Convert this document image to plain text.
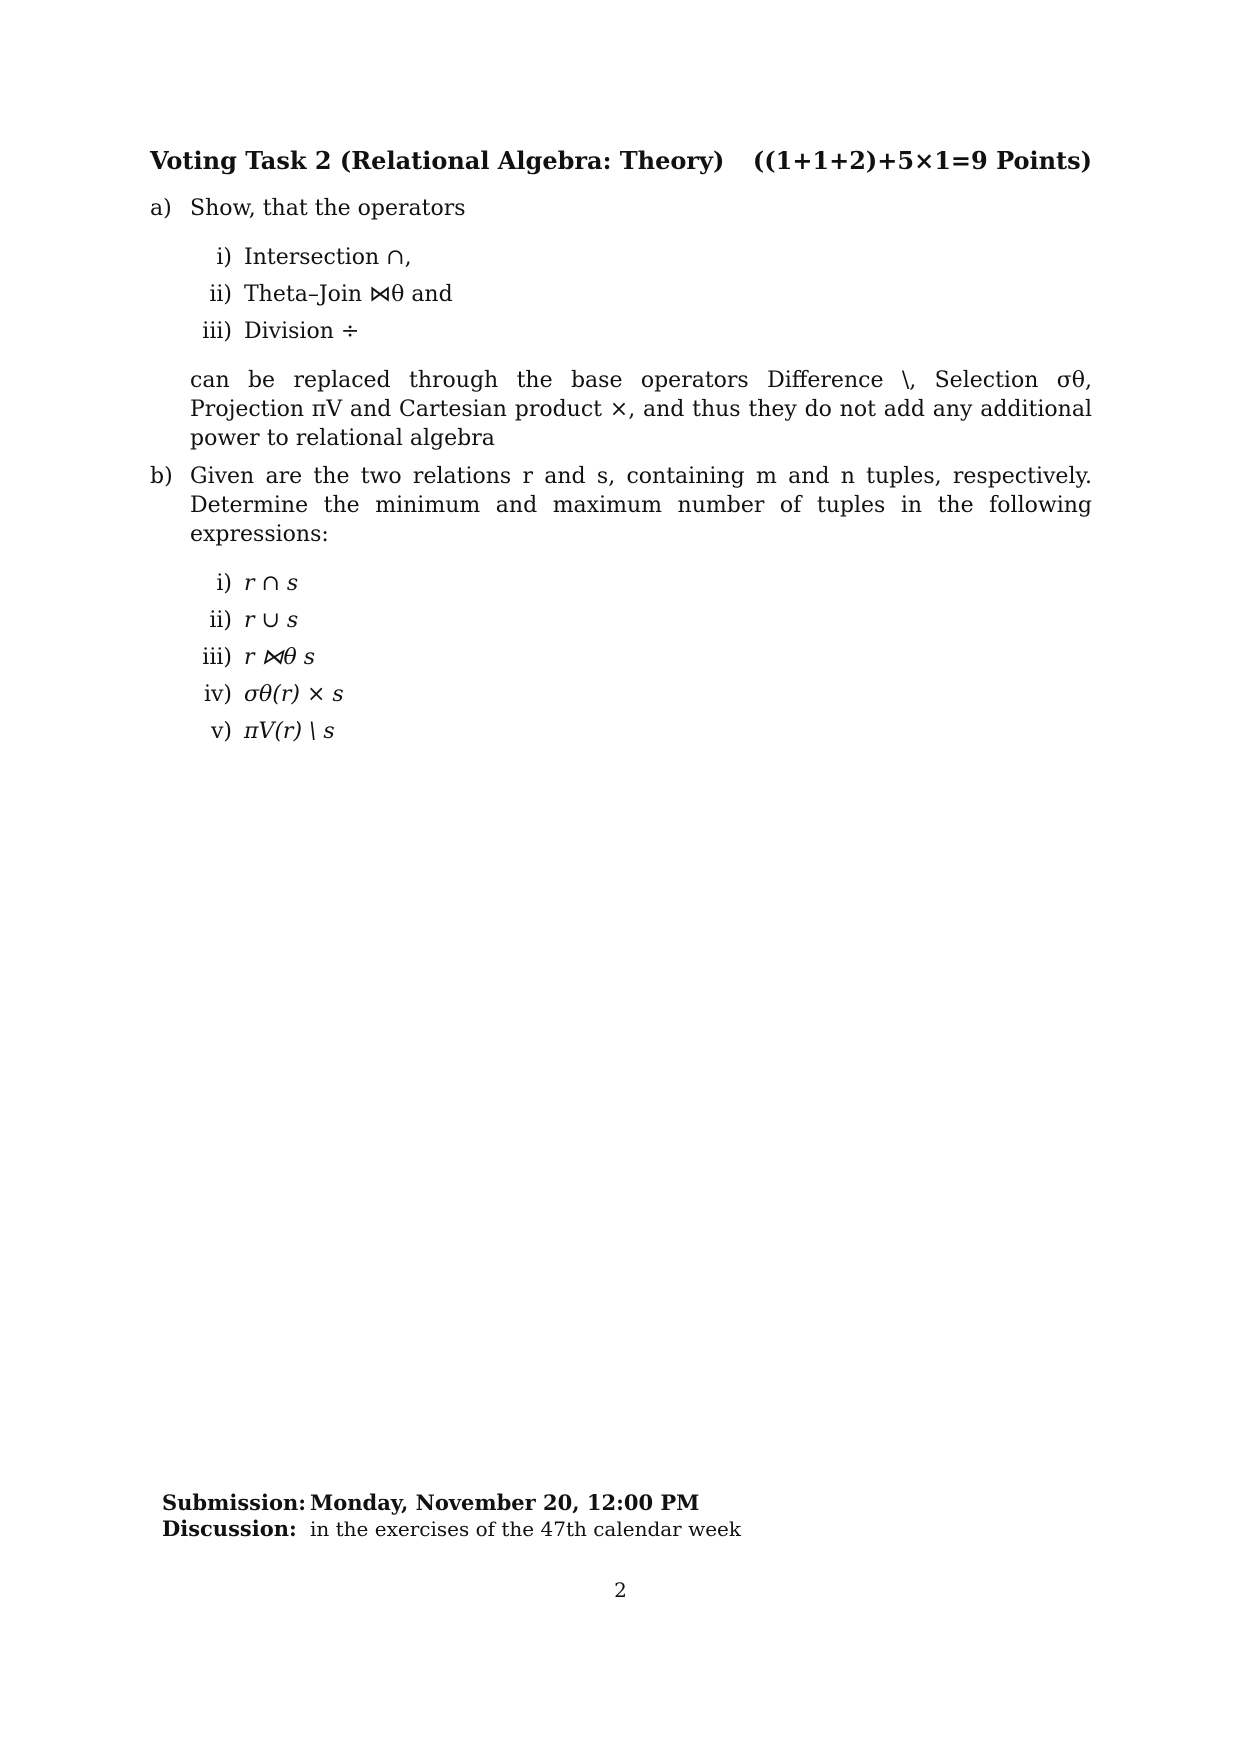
Voting Task 2 (Relational Algebra: Theory) ((1+1+2)+5×1=9 Points)
a) Show, that the operators
i) Intersection ∩,
ii) Theta–Join ⋈θ and
iii) Division ÷
can be replaced through the base operators Difference \, Selection σθ, Projection πV and Cartesian product ×, and thus they do not add any additional power to relational algebra
b) Given are the two relations r and s, containing m and n tuples, respectively. Determine the minimum and maximum number of tuples in the following expressions:
i) r ∩ s
ii) r ∪ s
iii) r ⋈θ s
iv) σθ(r) × s
v) πV(r) \ s
Submission: Monday, November 20, 12:00 PM
Discussion: in the exercises of the 47th calendar week
2
